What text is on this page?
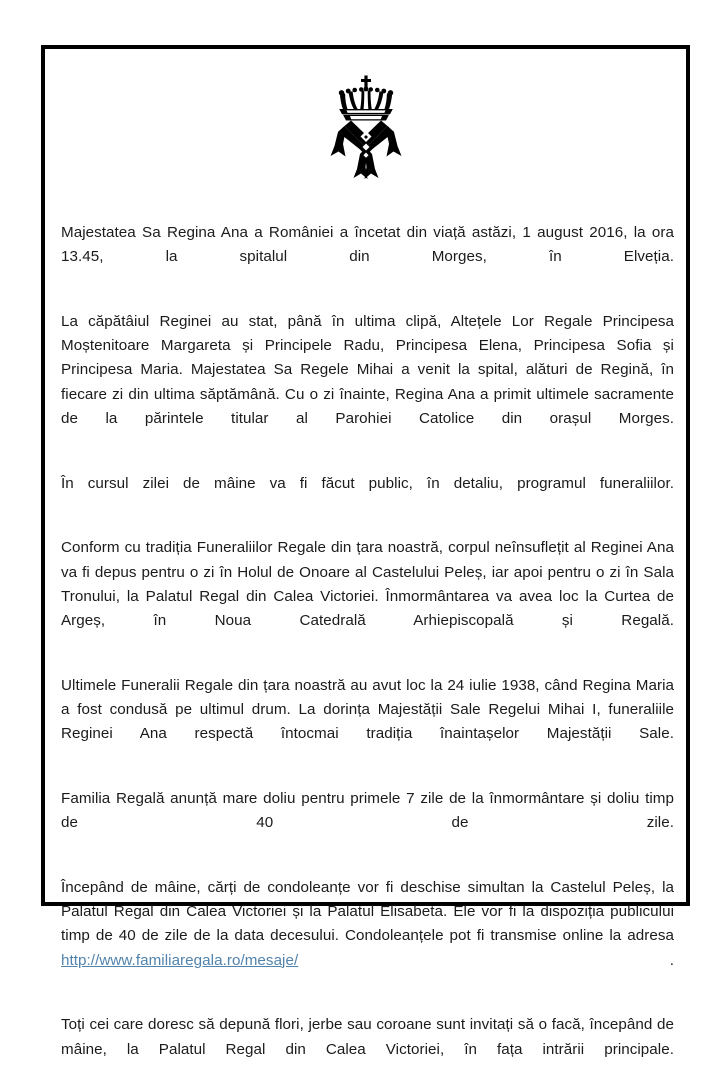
Majestatea Sa Regina Ana a României a încetat din viață astăzi, 1 august 2016, la ora 13.45, la spitalul din Morges, în Elveția.

La căpătâiul Reginei au stat, până în ultima clipă, Altețele Lor Regale Principesa Moștenitoare Margareta și Principele Radu, Principesa Elena, Principesa Sofia și Principesa Maria. Majestatea Sa Regele Mihai a venit la spital, alături de Regină, în fiecare zi din ultima săptămână. Cu o zi înainte, Regina Ana a primit ultimele sacramente de la părintele titular al Parohiei Catolice din orașul Morges.

În cursul zilei de mâine va fi făcut public, în detaliu, programul funeraliilor.

Conform cu tradiția Funeraliilor Regale din țara noastră, corpul neînsuflețit al Reginei Ana va fi depus pentru o zi în Holul de Onoare al Castelului Peleș, iar apoi pentru o zi în Sala Tronului, la Palatul Regal din Calea Victoriei. Înmormântarea va avea loc la Curtea de Argeș, în Noua Catedrală Arhiepiscopală și Regală.

Ultimele Funeralii Regale din țara noastră au avut loc la 24 iulie 1938, când Regina Maria a fost condusă pe ultimul drum. La dorința Majestății Sale Regelui Mihai I, funeraliile Reginei Ana respectă întocmai tradiția înaintașelor Majestății Sale.

Familia Regală anunță mare doliu pentru primele 7 zile de la înmormântare și doliu timp de 40 de zile.

Începând de mâine, cărți de condoleanțe vor fi deschise simultan la Castelul Peleș, la Palatul Regal din Calea Victoriei și la Palatul Elisabeta. Ele vor fi la dispoziția publicului timp de 40 de zile de la data decesului. Condoleanțele pot fi transmise online la adresa http://www.familiaregala.ro/mesaje/ .

Toți cei care doresc să depună flori, jerbe sau coroane sunt invitați să o facă, începând de mâine, la Palatul Regal din Calea Victoriei, în fața intrării principale.
